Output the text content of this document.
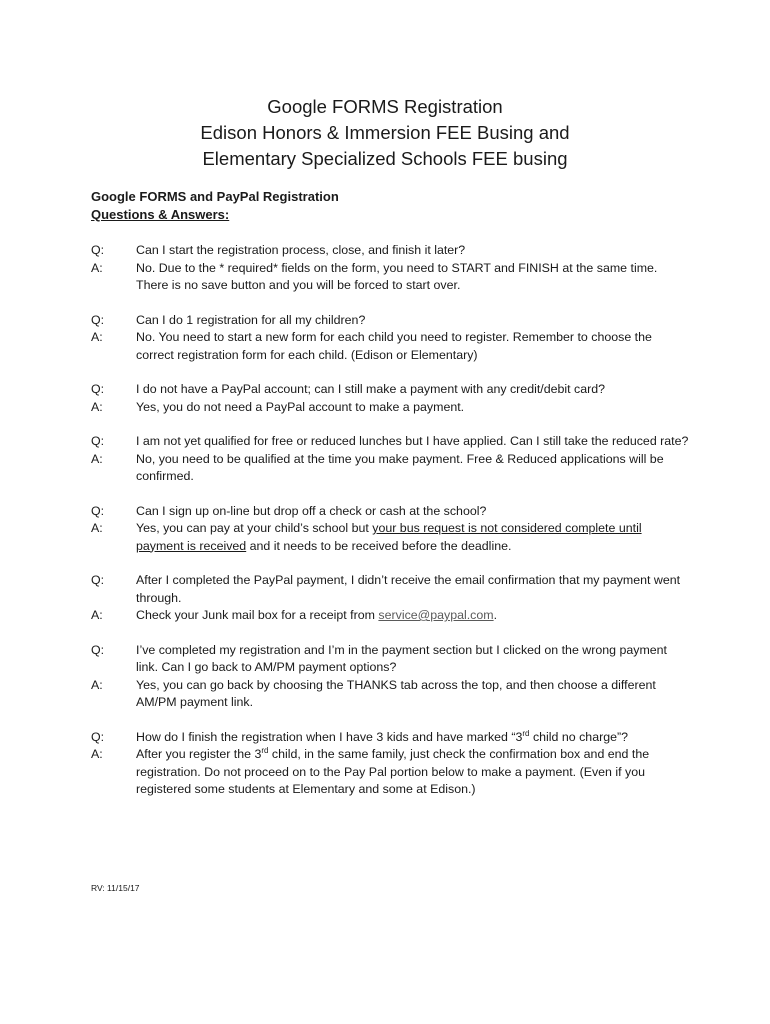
Google FORMS Registration
Edison Honors & Immersion FEE Busing and
Elementary Specialized Schools FEE busing
Google FORMS and PayPal Registration
Questions & Answers:
Q:	Can I start the registration process, close, and finish it later?
A:	No. Due to the * required* fields on the form, you need to START and FINISH at the same time. There is no save button and you will be forced to start over.
Q:	Can I do 1 registration for all my children?
A:	No. You need to start a new form for each child you need to register. Remember to choose the correct registration form for each child. (Edison or Elementary)
Q:	I do not have a PayPal account; can I still make a payment with any credit/debit card?
A:	Yes, you do not need a PayPal account to make a payment.
Q:	I am not yet qualified for free or reduced lunches but I have applied. Can I still take the reduced rate?
A:	No, you need to be qualified at the time you make payment. Free & Reduced applications will be confirmed.
Q:	Can I sign up on-line but drop off a check or cash at the school?
A:	Yes, you can pay at your child’s school but your bus request is not considered complete until payment is received and it needs to be received before the deadline.
Q:	After I completed the PayPal payment, I didn’t receive the email confirmation that my payment went through.
A:	Check your Junk mail box for a receipt from service@paypal.com.
Q:	I’ve completed my registration and I’m in the payment section but I clicked on the wrong payment link. Can I go back to AM/PM payment options?
A:	Yes, you can go back by choosing the THANKS tab across the top, and then choose a different AM/PM payment link.
Q:	How do I finish the registration when I have 3 kids and have marked “3rd child no charge”?
A:	After you register the 3rd child, in the same family, just check the confirmation box and end the registration. Do not proceed on to the Pay Pal portion below to make a payment. (Even if you registered some students at Elementary and some at Edison.)
RV: 11/15/17
